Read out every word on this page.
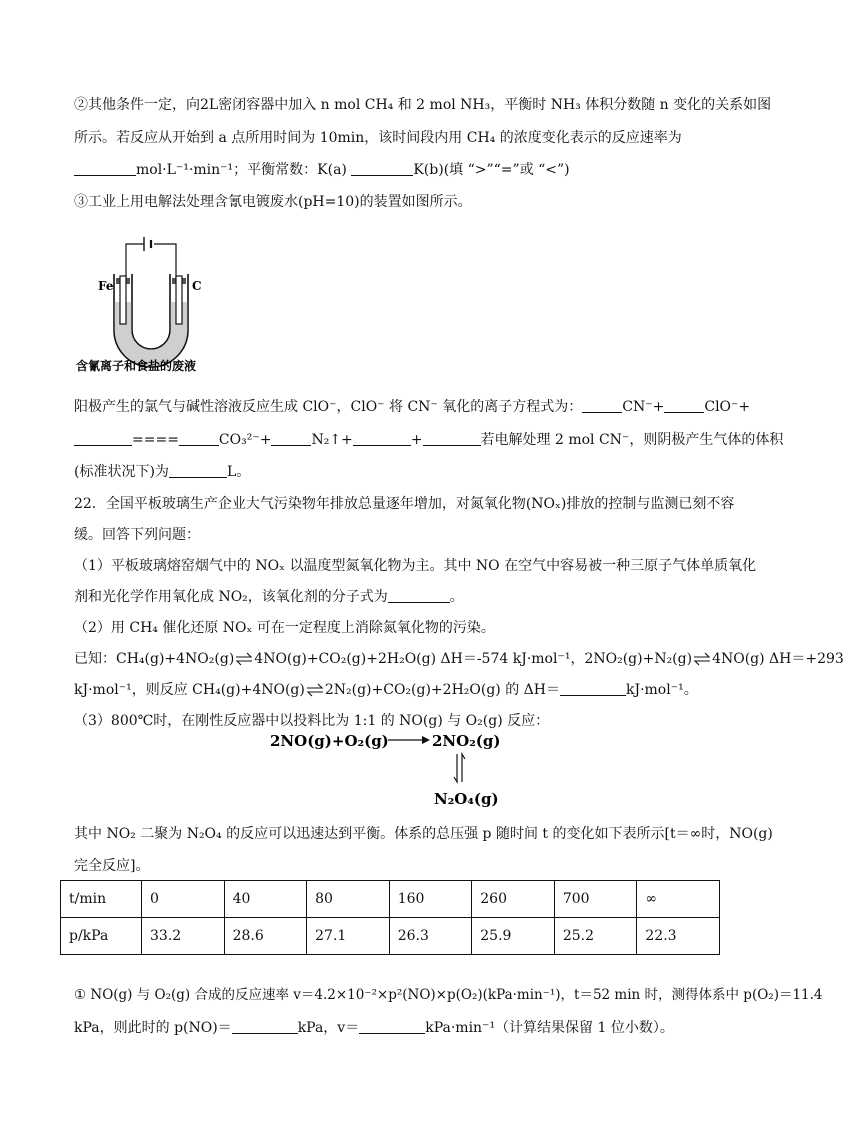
②其他条件一定，向2L密闭容器中加入 n mol CH₄ 和 2 mol NH₃，平衡时 NH₃ 体积分数随 n 变化的关系如图
所示。若反应从开始到 a 点所用时间为 10min，该时间段内用 CH₄ 的浓度变化表示的反应速率为
mol·L⁻¹·min⁻¹；平衡常数：K(a)	K(b)(填 “>”“=”或 “<”)
③工业上用电解法处理含氰电镀废水(pH=10)的装置如图所示。
Fe	C
含氰离子和食盐的废液
阳极产生的氯气与碱性溶液反应生成 ClO⁻，ClO⁻ 将 CN⁻ 氧化的离子方程式为：	CN⁻+	ClO⁻+
====	CO₃²⁻+	N₂↑+	+	若电解处理 2 mol CN⁻，则阴极产生气体的体积
(标准状况下)为	L。
22．全国平板玻璃生产企业大气污染物年排放总量逐年增加，对氮氧化物(NOₓ)排放的控制与监测已刻不容
缓。回答下列问题：
（1）平板玻璃熔窑烟气中的 NOₓ 以温度型氮氧化物为主。其中 NO 在空气中容易被一种三原子气体单质氧化
剂和光化学作用氧化成 NO₂，该氧化剂的分子式为	。
（2）用 CH₄ 催化还原 NOₓ 可在一定程度上消除氮氧化物的污染。
已知：CH₄(g)+4NO₂(g)⇌4NO(g)+CO₂(g)+2H₂O(g) ΔH＝-574 kJ·mol⁻¹，2NO₂(g)+N₂(g)⇌4NO(g) ΔH＝+293
kJ·mol⁻¹，则反应 CH₄(g)+4NO(g)⇌2N₂(g)+CO₂(g)+2H₂O(g) 的 ΔH＝	kJ·mol⁻¹。
（3）800℃时，在刚性反应器中以投料比为 1:1 的 NO(g) 与 O₂(g) 反应：
2NO(g)+O₂(g)	2NO₂(g)
N₂O₄(g)
其中 NO₂ 二聚为 N₂O₄ 的反应可以迅速达到平衡。体系的总压强 p 随时间 t 的变化如下表所示[t＝∞时，NO(g)
完全反应]。
t/min	0	40	80	160	260	700	∞
p/kPa	33.2	28.6	27.1	26.3	25.9	25.2	22.3
① NO(g) 与 O₂(g) 合成的反应速率 v＝4.2×10⁻²×p²(NO)×p(O₂)(kPa·min⁻¹)，t＝52 min 时，测得体系中 p(O₂)＝11.4
kPa，则此时的 p(NO)＝	kPa，v＝	kPa·min⁻¹（计算结果保留 1 位小数）。
